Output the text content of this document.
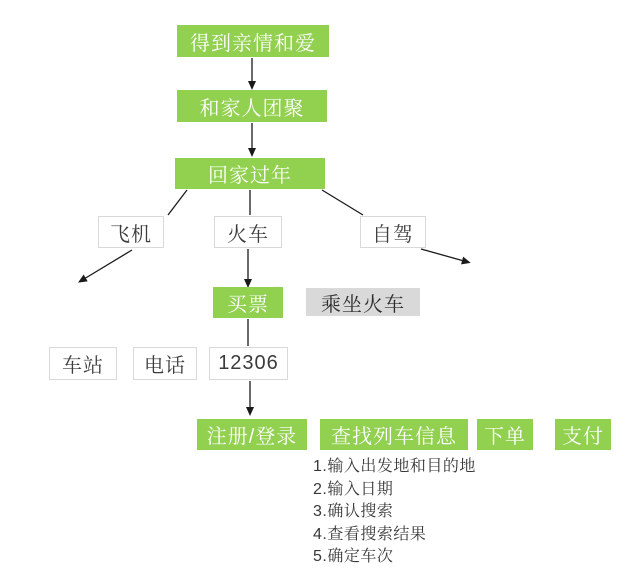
得到亲情和爱
和家人团聚
回家过年
飞机	火车	自驾
买票	乘坐火车
车站	电话	12306
注册/登录	查找列车信息	下单	支付
1.输入出发地和目的地
2.输入日期
3.确认搜索
4.查看搜索结果
5.确定车次
